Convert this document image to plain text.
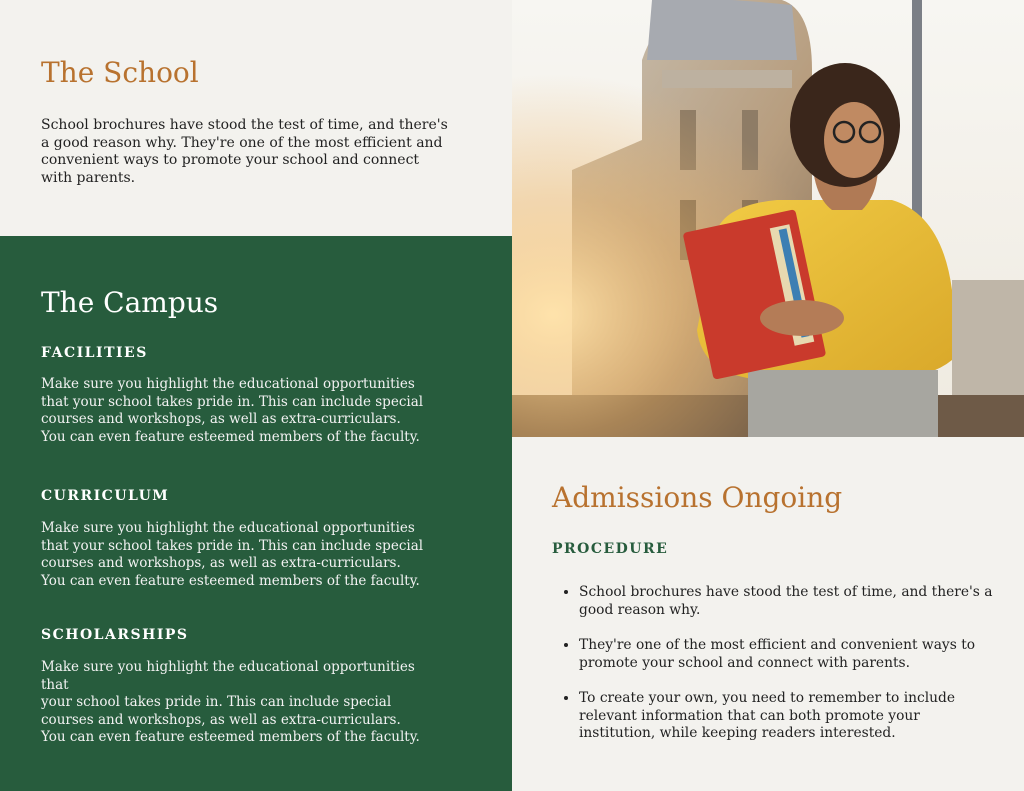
The School

School brochures have stood the test of time, and there's a good reason why. They're one of the most efficient and convenient ways to promote your school and connect with parents.

The Campus
FACILITIES

Make sure you highlight the educational opportunities
that your school takes pride in. This can include special
courses and workshops, as well as extra-curriculars.
You can even feature esteemed members of the faculty.

CURRICULUM

Make sure you highlight the educational opportunities
that your school takes pride in. This can include special
courses and workshops, as well as extra-curriculars.
You can even feature esteemed members of the faculty.

SCHOLARSHIPS

Make sure you highlight the educational opportunities
that
your school takes pride in. This can include special
courses and workshops, as well as extra-curriculars.
You can even feature esteemed members of the faculty.

Admissions Ongoing
PROCEDURE
• School brochures have stood the test of time, and there's a good reason why.
• They're one of the most efficient and convenient ways to promote your school and connect with parents.
• To create your own, you need to remember to include relevant information that can both promote your institution, while keeping readers interested.
